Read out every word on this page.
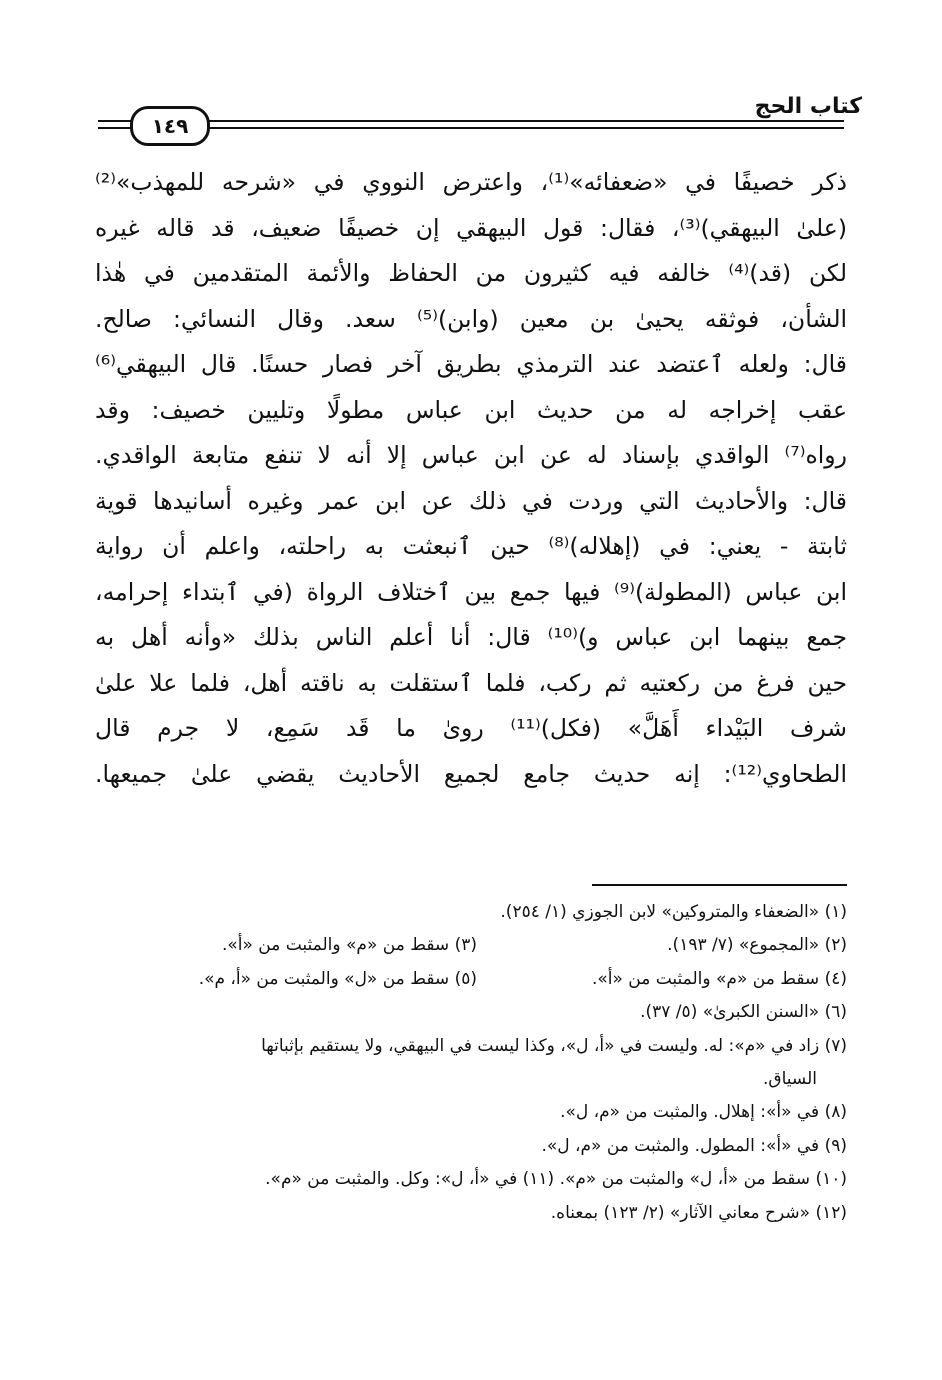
كتاب الحج
١٤٩
ذكر خصيفًا في «ضعفائه»⁽¹⁾، واعترض النووي في «شرحه للمهذب»⁽²⁾
(علىٰ البيهقي)⁽³⁾، فقال: قول البيهقي إن خصيفًا ضعيف، قد قاله غيره
لكن (قد)⁽⁴⁾ خالفه فيه كثيرون من الحفاظ والأئمة المتقدمين في هٰذا
الشأن، فوثقه يحيىٰ بن معين (وابن)⁽⁵⁾ سعد. وقال النسائي: صالح.
قال: ولعله ٱعتضد عند الترمذي بطريق آخر فصار حسنًا. قال البيهقي⁽⁶⁾
عقب إخراجه له من حديث ابن عباس مطولًا وتليين خصيف: وقد
رواه⁽⁷⁾ الواقدي بإسناد له عن ابن عباس إلا أنه لا تنفع متابعة الواقدي.
قال: والأحاديث التي وردت في ذلك عن ابن عمر وغيره أسانيدها قوية
ثابتة - يعني: في (إهلاله)⁽⁸⁾ حين ٱنبعثت به راحلته، واعلم أن رواية
ابن عباس (المطولة)⁽⁹⁾ فيها جمع بين ٱختلاف الرواة (في ٱبتداء إحرامه،
جمع بينهما ابن عباس و)⁽¹⁰⁾ قال: أنا أعلم الناس بذلك «وأنه أهل به
حين فرغ من ركعتيه ثم ركب، فلما ٱستقلت به ناقته أهل، فلما علا علىٰ
شرف البَيْداء أَهَلَّ» (فكل)⁽¹¹⁾ رویٰ ما قَد سَمِع، لا جرم قال
الطحاوي⁽¹²⁾: إنه حديث جامع لجميع الأحاديث يقضي علىٰ جميعها.
(١) «الضعفاء والمتروكين» لابن الجوزي (١/ ٢٥٤).
(٢) «المجموع» (٧/ ١٩٣).
(٣) سقط من «م» والمثبت من «أ».
(٤) سقط من «م» والمثبت من «أ».
(٥) سقط من «ل» والمثبت من «أ، م».
(٦) «السنن الكبرىٰ» (٥/ ٣٧).
(٧) زاد في «م»: له. وليست في «أ، ل»، وكذا ليست في البيهقي، ولا يستقيم بإثباتها
السياق.
(٨) في «أ»: إهلال. والمثبت من «م، ل».
(٩) في «أ»: المطول. والمثبت من «م، ل».
(١٠) سقط من «أ، ل» والمثبت من «م». (١١) في «أ، ل»: وكل. والمثبت من «م».
(١٢) «شرح معاني الآثار» (٢/ ١٢٣) بمعناه.
